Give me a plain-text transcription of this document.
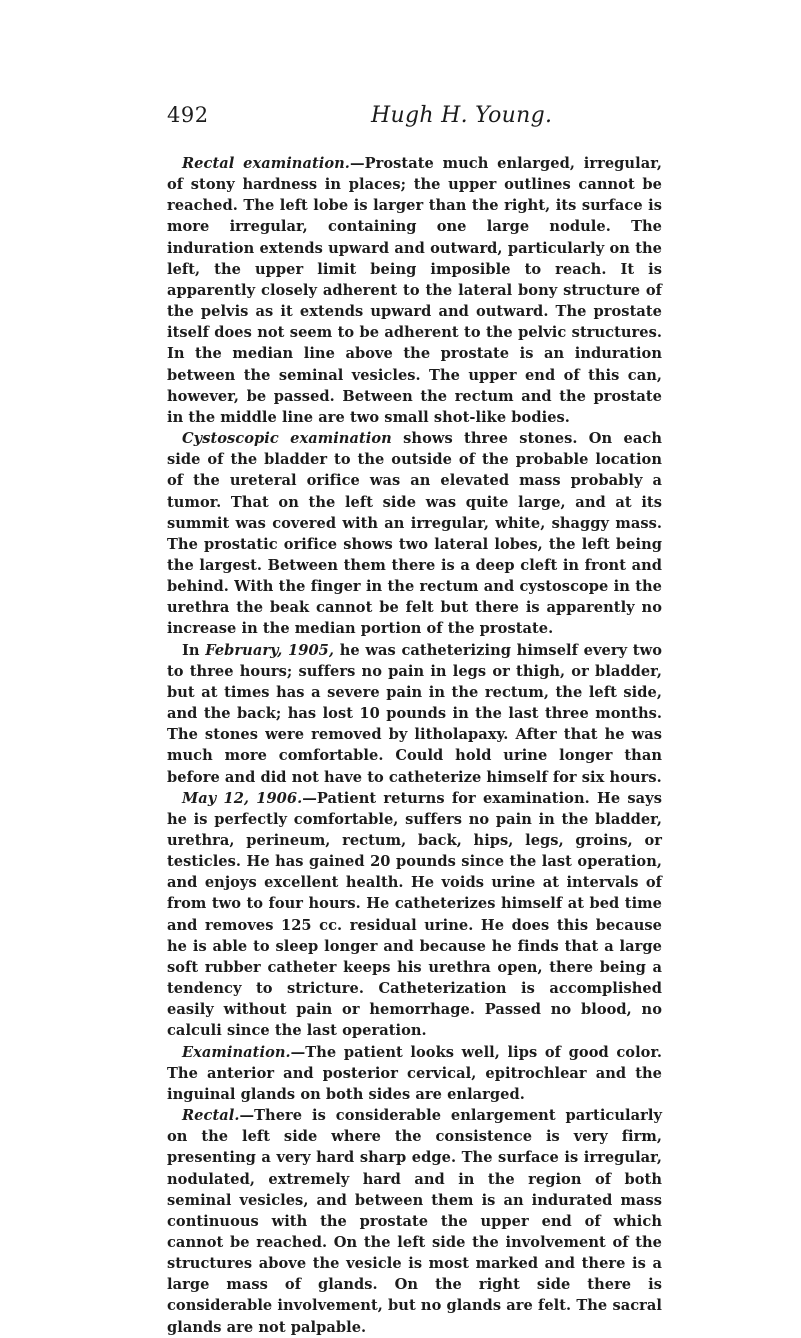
492	Hugh H. Young.

Rectal examination.—Prostate much enlarged, irregular, of stony hardness in places; the upper outlines cannot be reached. The left lobe is larger than the right, its surface is more irregular, containing one large nodule. The induration extends upward and outward, particularly on the left, the upper limit being imposible to reach. It is apparently closely adherent to the lateral bony structure of the pelvis as it extends upward and outward. The prostate itself does not seem to be adherent to the pelvic structures. In the median line above the prostate is an induration between the seminal vesicles. The upper end of this can, however, be passed. Between the rectum and the prostate in the middle line are two small shot-like bodies.

Cystoscopic examination shows three stones. On each side of the bladder to the outside of the probable location of the ureteral orifice was an elevated mass probably a tumor. That on the left side was quite large, and at its summit was covered with an irregular, white, shaggy mass. The prostatic orifice shows two lateral lobes, the left being the largest. Between them there is a deep cleft in front and behind. With the finger in the rectum and cystoscope in the urethra the beak cannot be felt but there is apparently no increase in the median portion of the prostate.

In February, 1905, he was catheterizing himself every two to three hours; suffers no pain in legs or thigh, or bladder, but at times has a severe pain in the rectum, the left side, and the back; has lost 10 pounds in the last three months. The stones were removed by litholapaxy. After that he was much more comfortable. Could hold urine longer than before and did not have to catheterize himself for six hours.

May 12, 1906.—Patient returns for examination. He says he is perfectly comfortable, suffers no pain in the bladder, urethra, perineum, rectum, back, hips, legs, groins, or testicles. He has gained 20 pounds since the last operation, and enjoys excellent health. He voids urine at intervals of from two to four hours. He catheterizes himself at bed time and removes 125 cc. residual urine. He does this because he is able to sleep longer and because he finds that a large soft rubber catheter keeps his urethra open, there being a tendency to stricture. Catheterization is accomplished easily without pain or hemorrhage. Passed no blood, no calculi since the last operation.

Examination.—The patient looks well, lips of good color. The anterior and posterior cervical, epitrochlear and the inguinal glands on both sides are enlarged.

Rectal.—There is considerable enlargement particularly on the left side where the consistence is very firm, presenting a very hard sharp edge. The surface is irregular, nodulated, extremely hard and in the region of both seminal vesicles, and between them is an indurated mass continuous with the prostate the upper end of which cannot be reached. On the left side the involvement of the structures above the vesicle is most marked and there is a large mass of glands. On the right side there is considerable involvement, but no glands are felt. The sacral glands are not palpable.
